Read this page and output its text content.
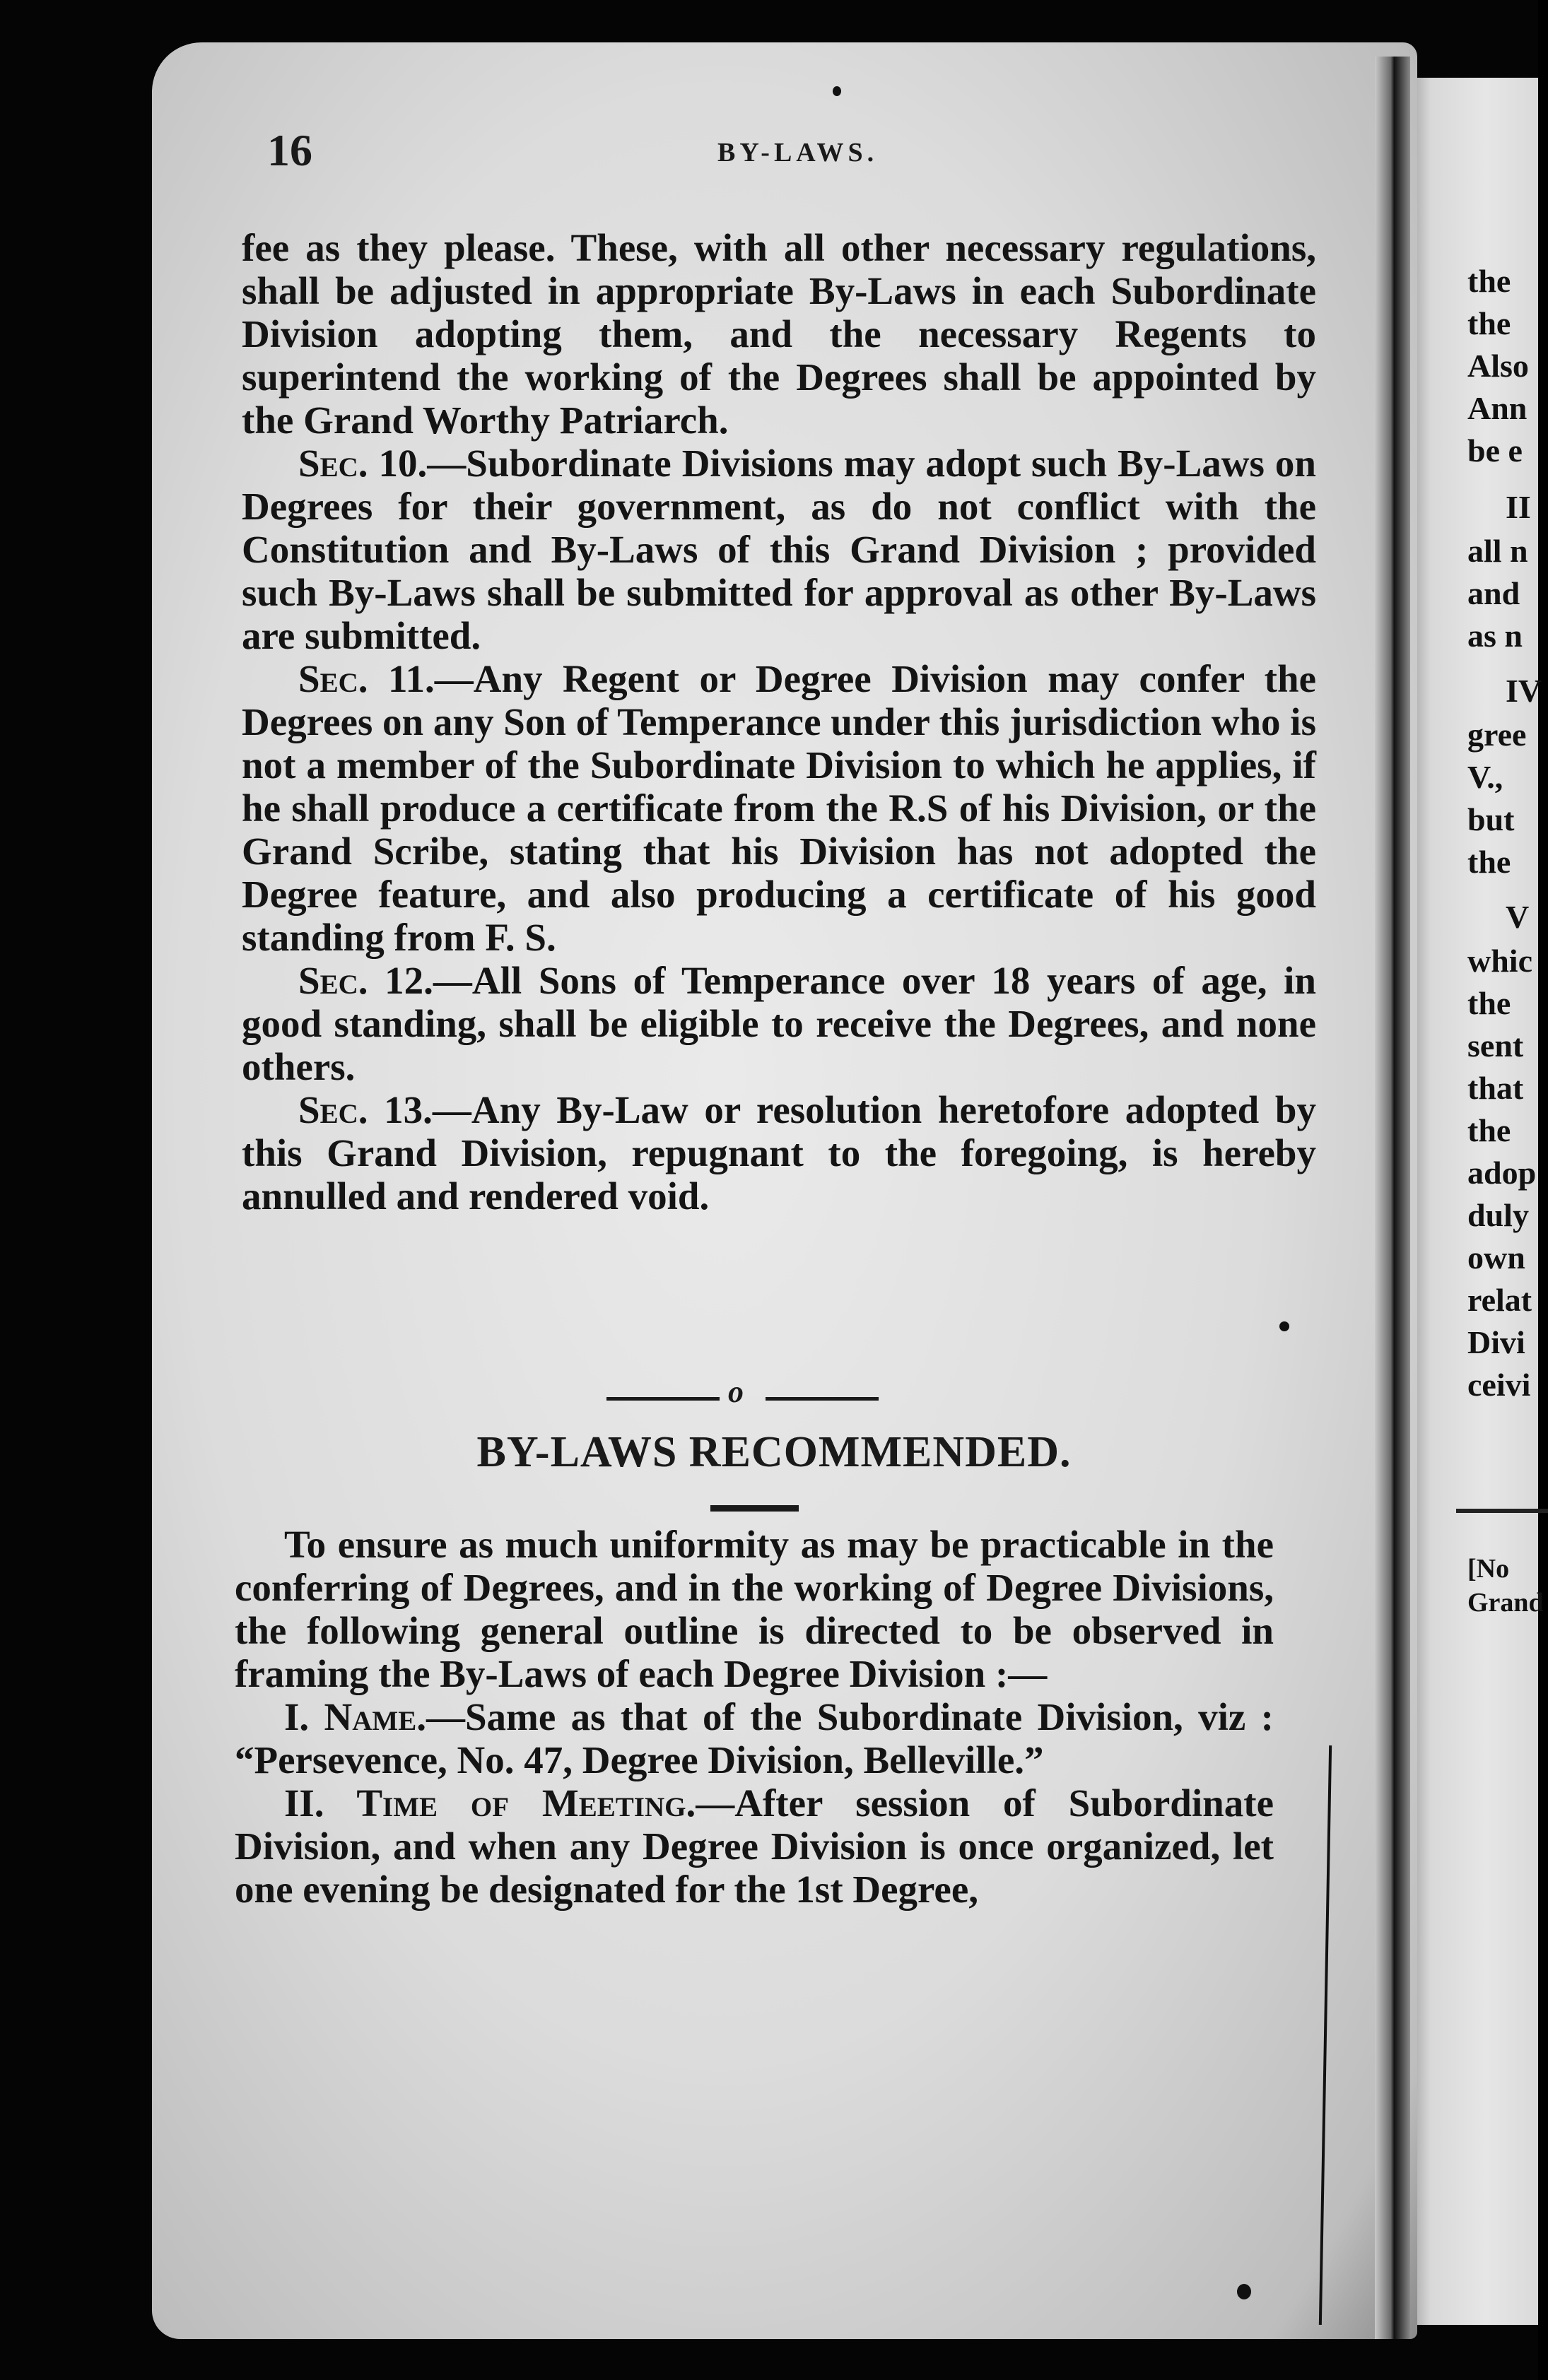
the
the
Also
Ann
be e
II
all n
and
as n
IV
gree
V.,
but
the
V
whic
the
sent
that
the
adop
duly
own
relat
Divi
ceivi
[No
Grand
16	BY-LAWS.

fee as they please. These, with all other necessary regulations, shall be adjusted in appropriate By-Laws in each Subordinate Division adopting them, and the necessary Regents to superintend the working of the Degrees shall be appointed by the Grand Worthy Patriarch.

Sec. 10.—Subordinate Divisions may adopt such By-Laws on Degrees for their government, as do not conflict with the Constitution and By-Laws of this Grand Division ; provided such By-Laws shall be submitted for approval as other By-Laws are submitted.

Sec. 11.—Any Regent or Degree Division may confer the Degrees on any Son of Temperance under this jurisdiction who is not a member of the Subordinate Division to which he applies, if he shall produce a certificate from the R.S of his Division, or the Grand Scribe, stating that his Division has not adopted the Degree feature, and also producing a certificate of his good standing from F. S.

Sec. 12.—All Sons of Temperance over 18 years of age, in good standing, shall be eligible to receive the Degrees, and none others.

Sec. 13.—Any By-Law or resolution heretofore adopted by this Grand Division, repugnant to the foregoing, is hereby annulled and rendered void.

o
BY-LAWS RECOMMENDED.

To ensure as much uniformity as may be practicable in the conferring of Degrees, and in the working of Degree Divisions, the following general outline is directed to be observed in framing the By-Laws of each Degree Division :—

I. Name.—Same as that of the Subordinate Division, viz : “Persevence, No. 47, Degree Division, Belleville.”

II. Time of Meeting.—After session of Subordinate Division, and when any Degree Division is once organized, let one evening be designated for the 1st Degree,
